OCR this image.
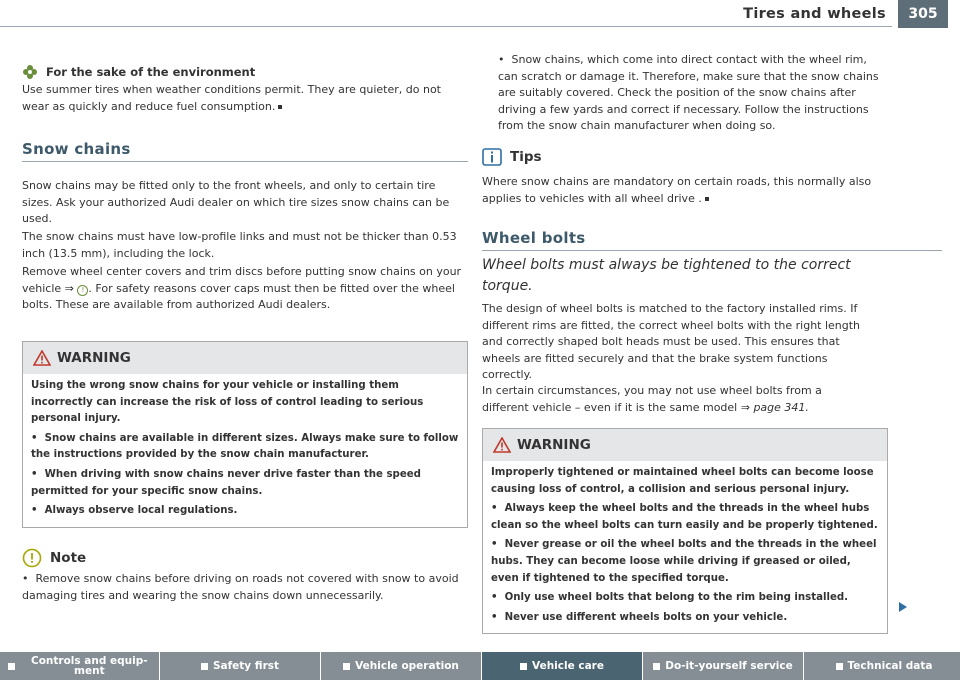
Tires and wheels	305
For the sake of the environment

Use summer tires when weather conditions permit. They are quieter, do not wear as quickly and reduce fuel consumption.

Snow chains

Snow chains may be fitted only to the front wheels, and only to certain tire sizes. Ask your authorized Audi dealer on which tire sizes snow chains can be used.

The snow chains must have low-profile links and must not be thicker than 0.53 inch (13.5 mm), including the lock.

Remove wheel center covers and trim discs before putting snow chains on your vehicle ⇒ ! . For safety reasons cover caps must then be fitted over the wheel bolts. These are available from authorized Audi dealers.

WARNING

Using the wrong snow chains for your vehicle or installing them incorrectly can increase the risk of loss of control leading to serious personal injury.

•  Snow chains are available in different sizes. Always make sure to follow the instructions provided by the snow chain manufacturer.

•  When driving with snow chains never drive faster than the speed permitted for your specific snow chains.

•  Always observe local regulations.

Note

•  Remove snow chains before driving on roads not covered with snow to avoid damaging tires and wearing the snow chains down unnecessarily.

•  Snow chains, which come into direct contact with the wheel rim, can scratch or damage it. Therefore, make sure that the snow chains are suitably covered. Check the position of the snow chains after driving a few yards and correct if necessary. Follow the instructions from the snow chain manufacturer when doing so.

Tips

Where snow chains are mandatory on certain roads, this normally also applies to vehicles with all wheel drive .

Wheel bolts

Wheel bolts must always be tightened to the correct torque.

The design of wheel bolts is matched to the factory installed rims. If different rims are fitted, the correct wheel bolts with the right length and correctly shaped bolt heads must be used. This ensures that wheels are fitted securely and that the brake system functions correctly.

In certain circumstances, you may not use wheel bolts from a different vehicle – even if it is the same model ⇒ page 341.

WARNING

Improperly tightened or maintained wheel bolts can become loose causing loss of control, a collision and serious personal injury.

•  Always keep the wheel bolts and the threads in the wheel hubs clean so the wheel bolts can turn easily and be properly tightened.

•  Never grease or oil the wheel bolts and the threads in the wheel hubs. They can become loose while driving if greased or oiled, even if tightened to the specified torque.

•  Only use wheel bolts that belong to the rim being installed.

•  Never use different wheels bolts on your vehicle.

Controls and equip-ment	Safety first	Vehicle operation	Vehicle care	Do-it-yourself service	Technical data
